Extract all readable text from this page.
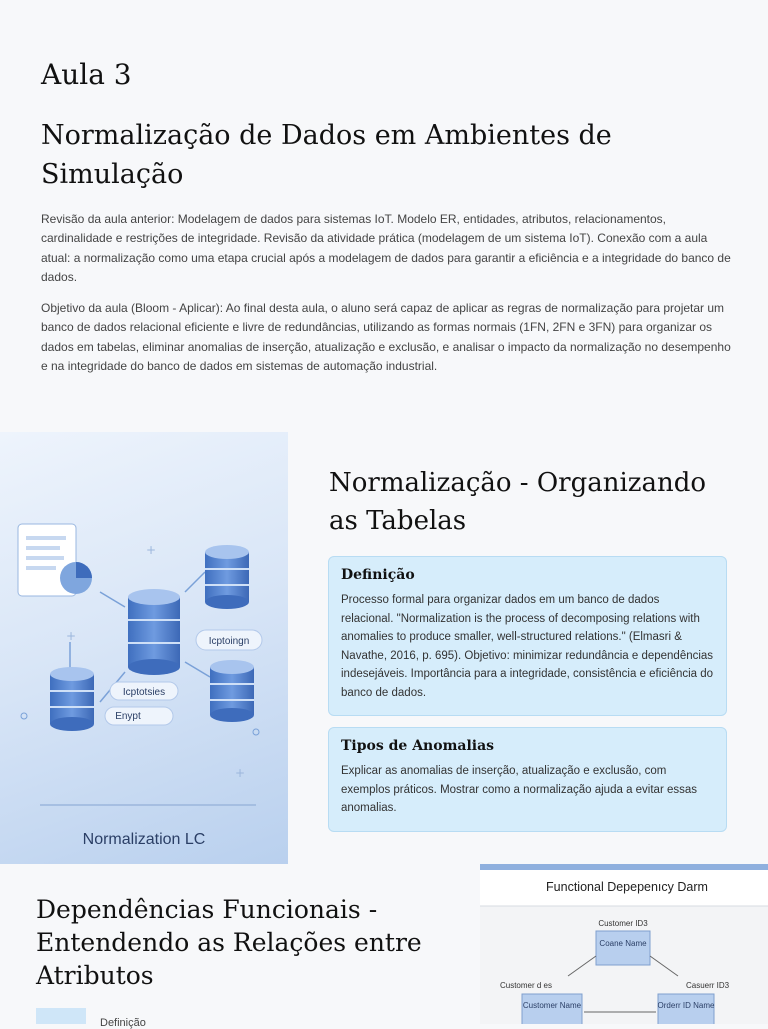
Aula 3
Normalização de Dados em Ambientes de Simulação

Revisão da aula anterior: Modelagem de dados para sistemas IoT. Modelo ER, entidades, atributos, relacionamentos, cardinalidade e restrições de integridade. Revisão da atividade prática (modelagem de um sistema IoT). Conexão com a aula atual: a normalização como uma etapa crucial após a modelagem de dados para garantir a eficiência e a integridade do banco de dados.

Objetivo da aula (Bloom - Aplicar): Ao final desta aula, o aluno será capaz de aplicar as regras de normalização para projetar um banco de dados relacional eficiente e livre de redundâncias, utilizando as formas normais (1FN, 2FN e 3FN) para organizar os dados em tabelas, eliminar anomalias de inserção, atualização e exclusão, e analisar o impacto da normalização no desempenho e na integridade do banco de dados em sistemas de automação industrial.

Icptoingn
Icptotsies
Enypt
+
+
+
Normalization LC
Normalização - Organizando as Tabelas
Definição

Processo formal para organizar dados em um banco de dados relacional. "Normalization is the process of decomposing relations with anomalies to produce smaller, well-structured relations." (Elmasri & Navathe, 2016, p. 695). Objetivo: minimizar redundância e dependências indesejáveis. Importância para a integridade, consistência e eficiência do banco de dados.

Tipos de Anomalias

Explicar as anomalias de inserção, atualização e exclusão, com exemplos práticos. Mostrar como a normalização ajuda a evitar essas anomalias.

Dependências Funcionais - Entendendo as Relações entre Atributos
Functional Depepenıcy Darm
Customer ID3
Coane Name
Customer d es	Casuerr ID3
Customer Name	Orderr ID Name
Definição
